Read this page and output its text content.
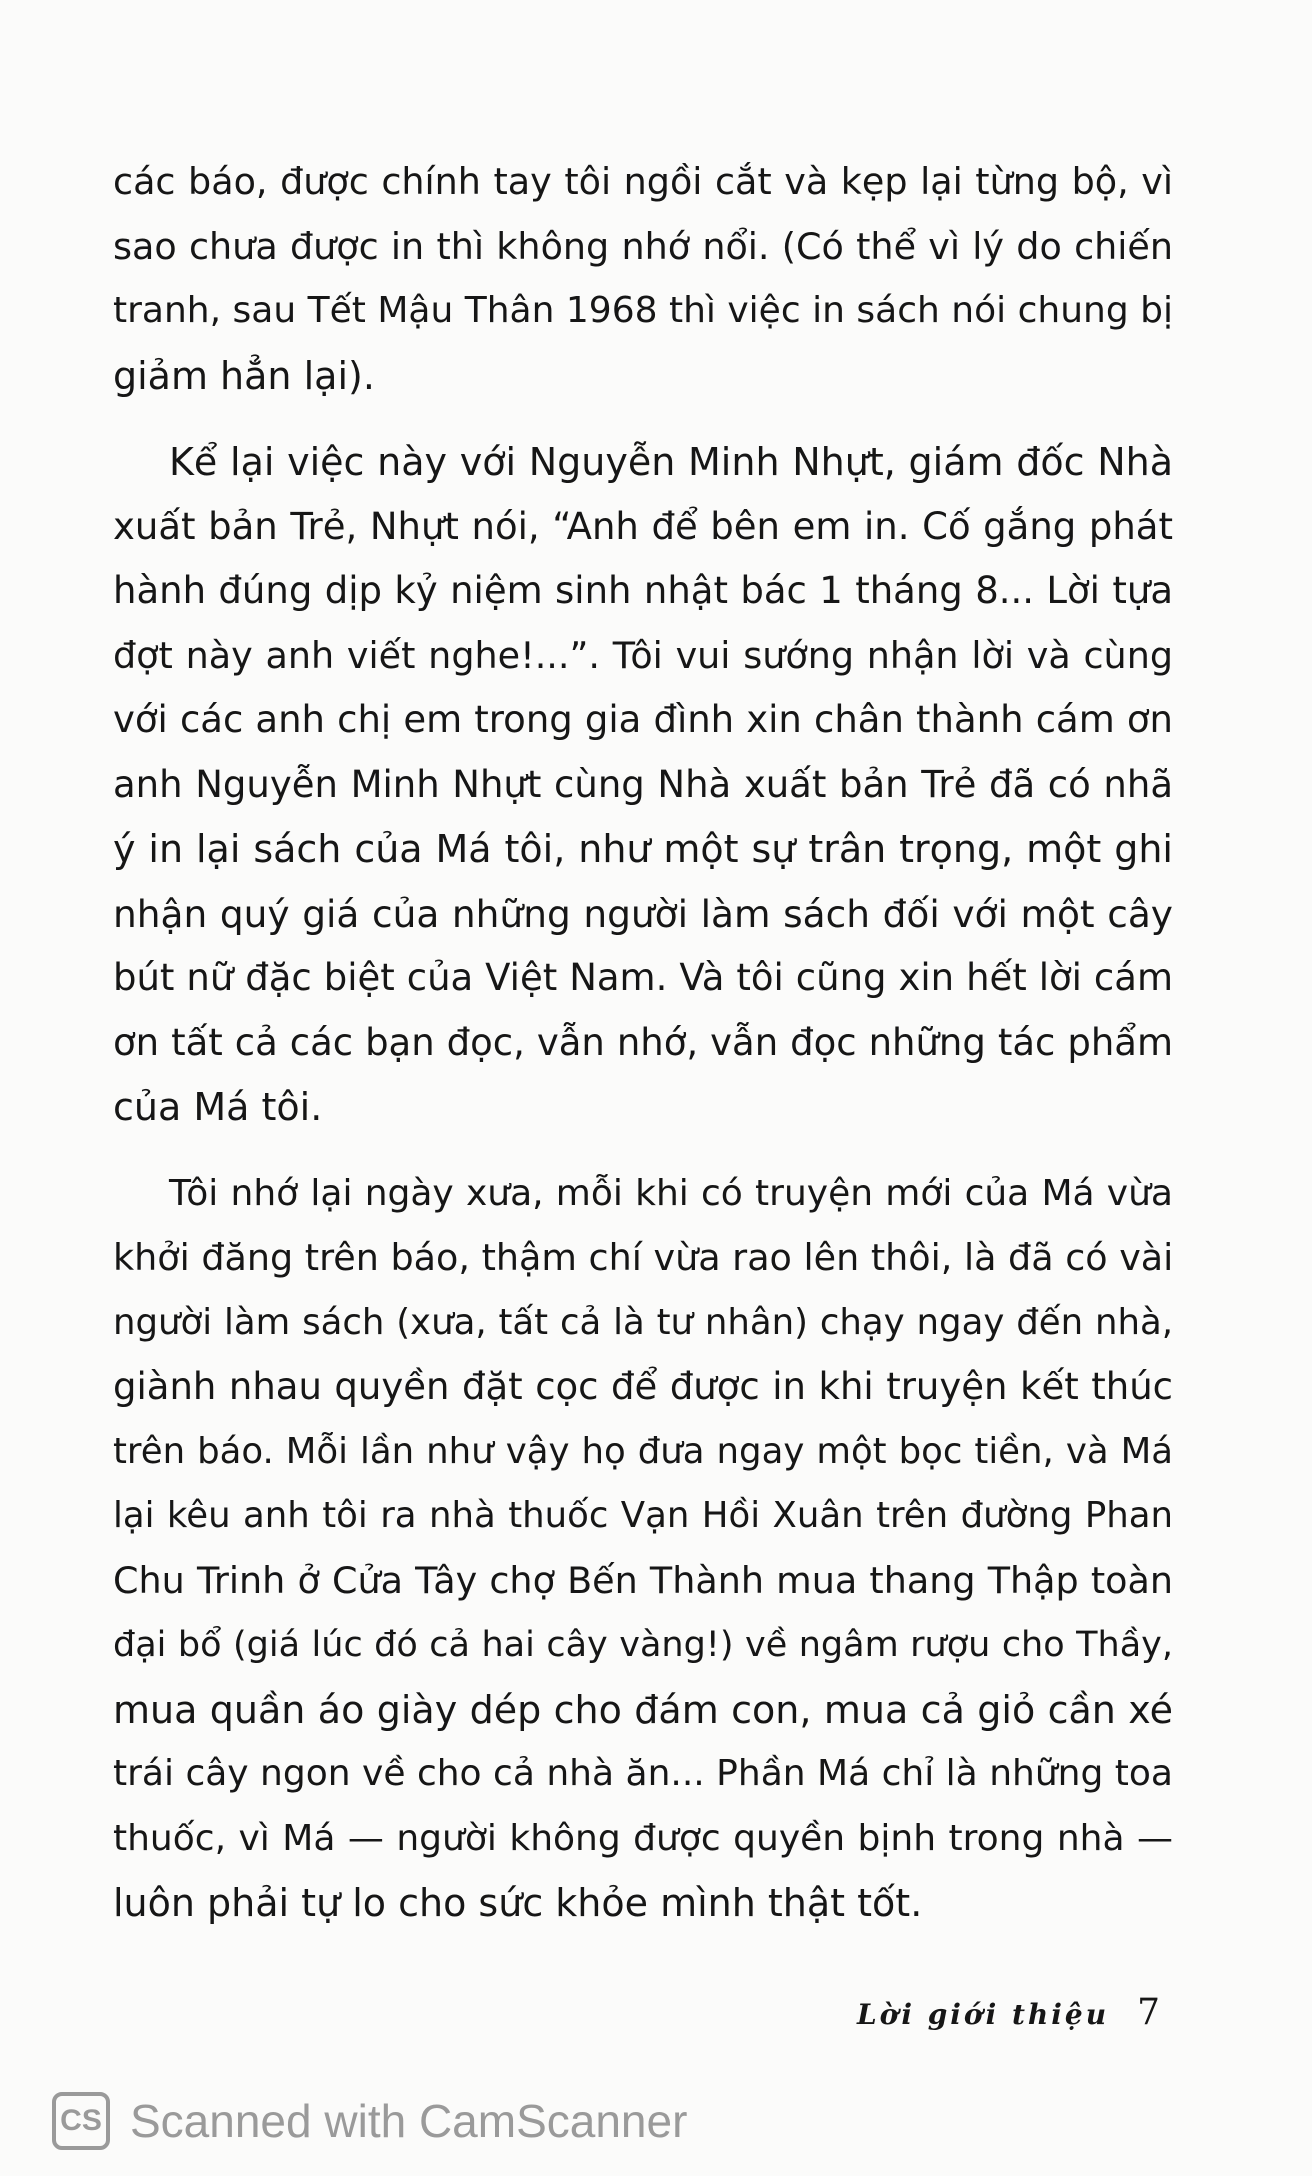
các báo, được chính tay tôi ngồi cắt và kẹp lại từng bộ, vì
sao chưa được in thì không nhớ nổi. (Có thể vì lý do chiến
tranh, sau Tết Mậu Thân 1968 thì việc in sách nói chung bị
giảm hẳn lại).

Kể lại việc này với Nguyễn Minh Nhựt, giám đốc Nhà
xuất bản Trẻ, Nhựt nói, “Anh để bên em in. Cố gắng phát
hành đúng dịp kỷ niệm sinh nhật bác 1 tháng 8... Lời tựa
đợt này anh viết nghe!...”. Tôi vui sướng nhận lời và cùng
với các anh chị em trong gia đình xin chân thành cám ơn
anh Nguyễn Minh Nhựt cùng Nhà xuất bản Trẻ đã có nhã
ý in lại sách của Má tôi, như một sự trân trọng, một ghi
nhận quý giá của những người làm sách đối với một cây
bút nữ đặc biệt của Việt Nam. Và tôi cũng xin hết lời cám
ơn tất cả các bạn đọc, vẫn nhớ, vẫn đọc những tác phẩm
của Má tôi.

Tôi nhớ lại ngày xưa, mỗi khi có truyện mới của Má vừa
khởi đăng trên báo, thậm chí vừa rao lên thôi, là đã có vài
người làm sách (xưa, tất cả là tư nhân) chạy ngay đến nhà,
giành nhau quyền đặt cọc để được in khi truyện kết thúc
trên báo. Mỗi lần như vậy họ đưa ngay một bọc tiền, và Má
lại kêu anh tôi ra nhà thuốc Vạn Hồi Xuân trên đường Phan
Chu Trinh ở Cửa Tây chợ Bến Thành mua thang Thập toàn
đại bổ (giá lúc đó cả hai cây vàng!) về ngâm rượu cho Thầy,
mua quần áo giày dép cho đám con, mua cả giỏ cần xé
trái cây ngon về cho cả nhà ăn... Phần Má chỉ là những toa
thuốc, vì Má — người không được quyền bịnh trong nhà —
luôn phải tự lo cho sức khỏe mình thật tốt.

Lời giới thiệu 7
CS Scanned with CamScanner
